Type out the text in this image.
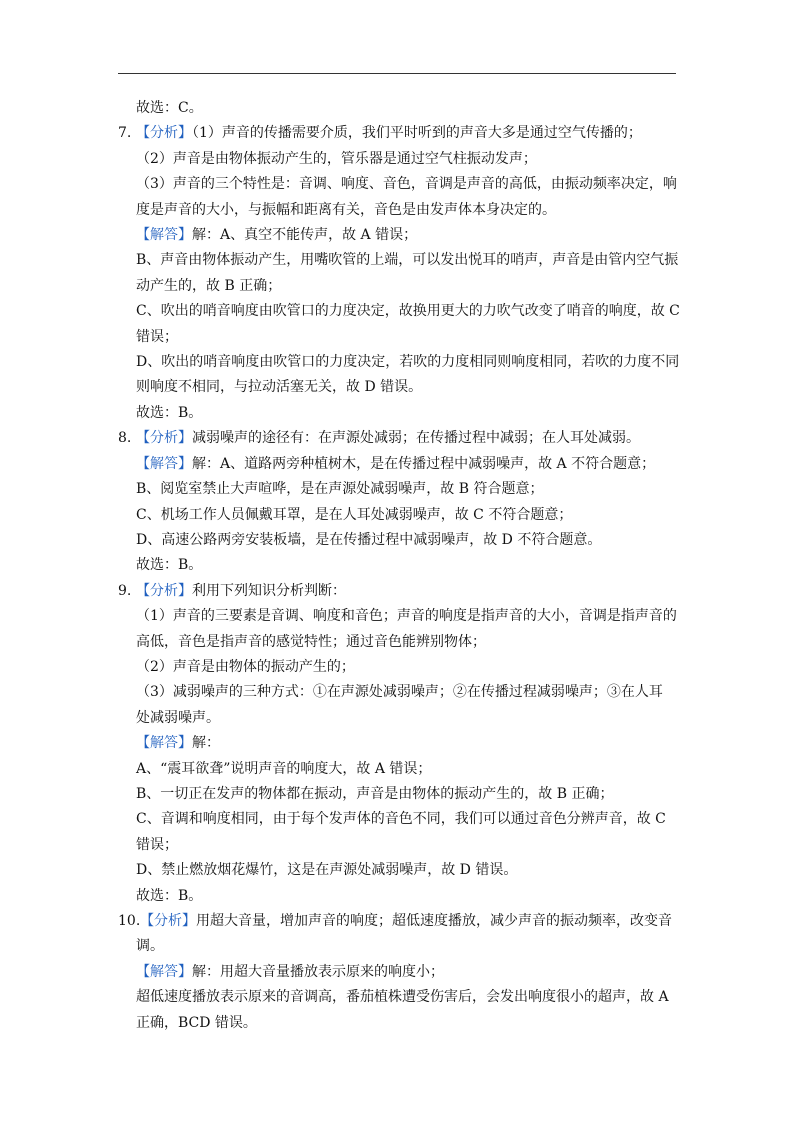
故选：C。
7. 【分析】（1）声音的传播需要介质，我们平时听到的声音大多是通过空气传播的；
（2）声音是由物体振动产生的，管乐器是通过空气柱振动发声；
（3）声音的三个特性是：音调、响度、音色，音调是声音的高低，由振动频率决定，响
度是声音的大小，与振幅和距离有关，音色是由发声体本身决定的。
【解答】解：A、真空不能传声，故 A 错误；
B、声音由物体振动产生，用嘴吹管的上端，可以发出悦耳的哨声，声音是由管内空气振
动产生的，故 B 正确；
C、吹出的哨音响度由吹管口的力度决定，故换用更大的力吹气改变了哨音的响度，故 C
错误；
D、吹出的哨音响度由吹管口的力度决定，若吹的力度相同则响度相同，若吹的力度不同
则响度不相同，与拉动活塞无关，故 D 错误。
故选：B。
8. 【分析】减弱噪声的途径有：在声源处减弱；在传播过程中减弱；在人耳处减弱。
【解答】解：A、道路两旁种植树木，是在传播过程中减弱噪声，故 A 不符合题意；
B、阅览室禁止大声喧哗，是在声源处减弱噪声，故 B 符合题意；
C、机场工作人员佩戴耳罩，是在人耳处减弱噪声，故 C 不符合题意；
D、高速公路两旁安装板墙，是在传播过程中减弱噪声，故 D 不符合题意。
故选：B。
9. 【分析】利用下列知识分析判断：
（1）声音的三要素是音调、响度和音色；声音的响度是指声音的大小，音调是指声音的
高低，音色是指声音的感觉特性；通过音色能辨别物体；
（2）声音是由物体的振动产生的；
（3）减弱噪声的三种方式：①在声源处减弱噪声；②在传播过程减弱噪声；③在人耳
处减弱噪声。
【解答】解：
A、“震耳欲聋”说明声音的响度大，故 A 错误；
B、一切正在发声的物体都在振动，声音是由物体的振动产生的，故 B 正确；
C、音调和响度相同，由于每个发声体的音色不同，我们可以通过音色分辨声音，故 C
错误；
D、禁止燃放烟花爆竹，这是在声源处减弱噪声，故 D 错误。
故选：B。
10.【分析】用超大音量，增加声音的响度；超低速度播放，减少声音的振动频率，改变音
调。
【解答】解：用超大音量播放表示原来的响度小；
超低速度播放表示原来的音调高，番茄植株遭受伤害后，会发出响度很小的超声，故 A
正确，BCD 错误。
